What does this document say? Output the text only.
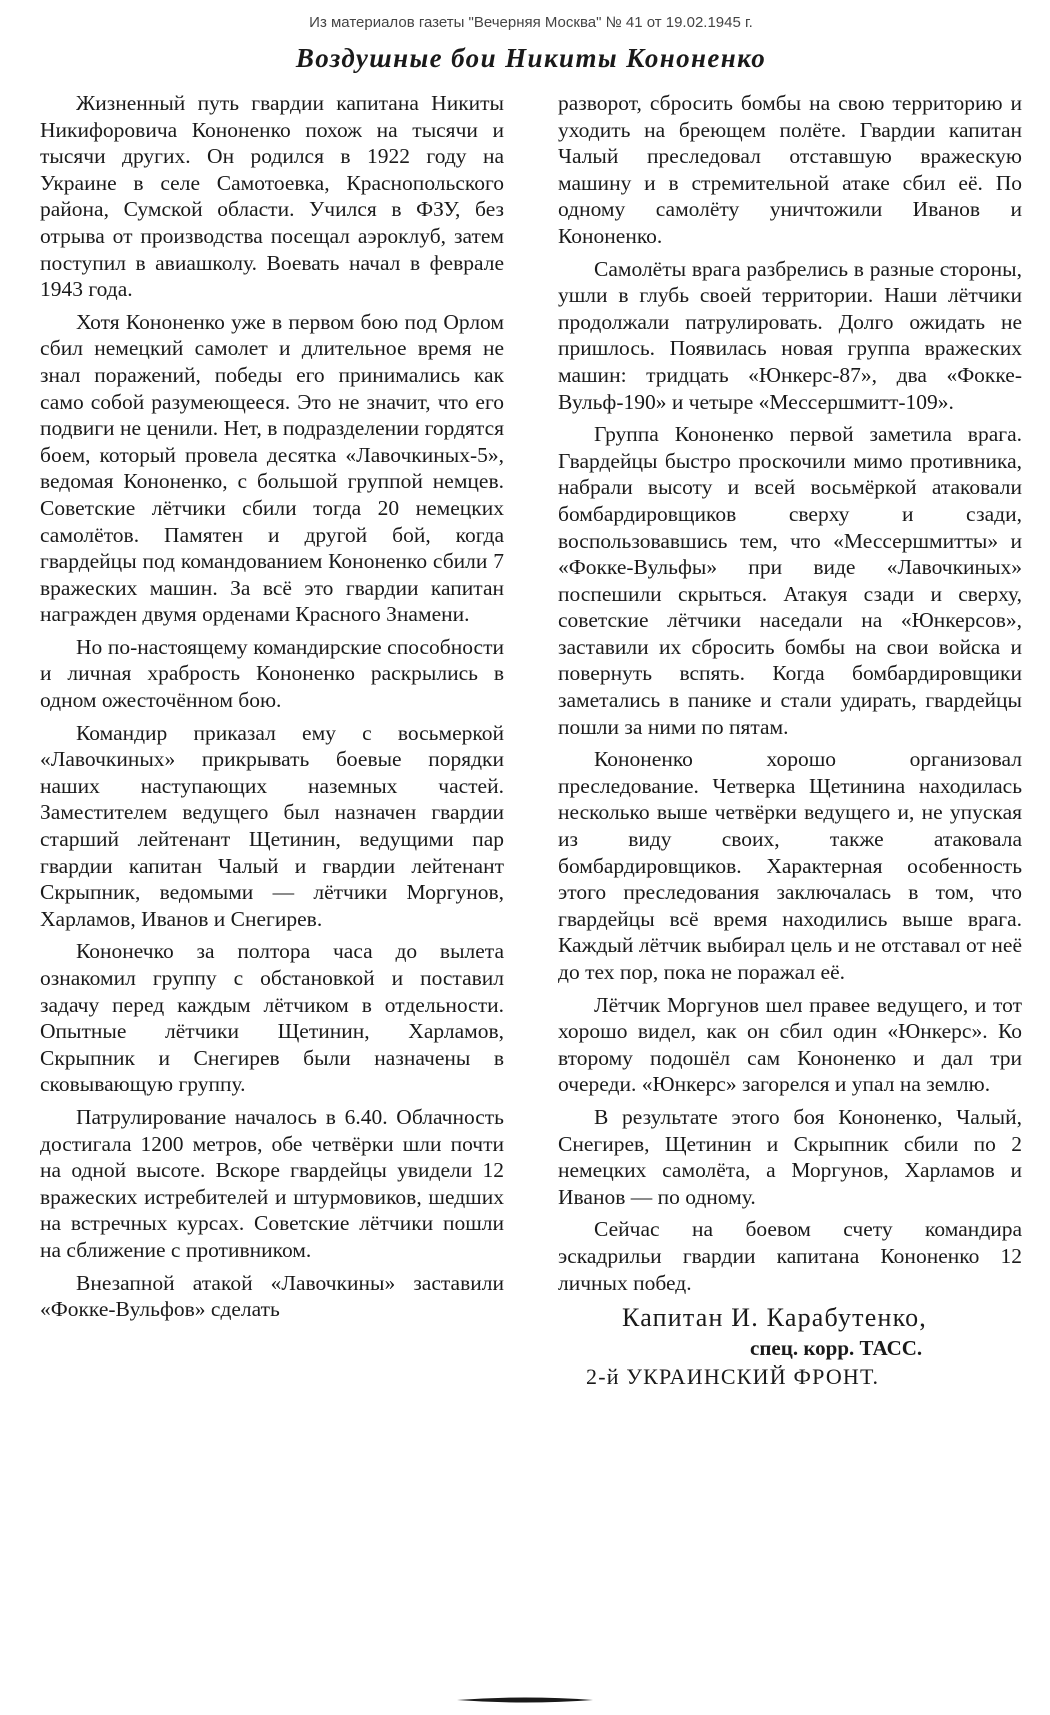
Из материалов газеты "Вечерняя Москва" № 41 от 19.02.1945 г.
Воздушные бои Никиты Кононенко

Жизненный путь гвардии капитана Никиты Никифоровича Кононенко похож на тысячи и тысячи других. Он родился в 1922 году на Украине в селе Самотоевка, Краснопольского района, Сумской области. Учился в ФЗУ, без отрыва от производства посещал аэроклуб, затем поступил в авиашколу. Воевать начал в феврале 1943 года.

Хотя Кононенко уже в первом бою под Орлом сбил немецкий самолет и длительное время не знал поражений, победы его принимались как само собой разумеющееся. Это не значит, что его подвиги не ценили. Нет, в подразделении гордятся боем, который провела десятка «Лавочкиных-5», ведомая Кононенко, с большой группой немцев. Советские лётчики сбили тогда 20 немецких самолётов. Памятен и другой бой, когда гвардейцы под командованием Кононенко сбили 7 вражеских машин. За всё это гвардии капитан награжден двумя орденами Красного Знамени.

Но по-настоящему командирские способности и личная храбрость Кононенко раскрылись в одном ожесточённом бою.

Командир приказал ему с восьмеркой «Лавочкиных» прикрывать боевые порядки наших наступающих наземных частей. Заместителем ведущего был назначен гвардии старший лейтенант Щетинин, ведущими пар гвардии капитан Чалый и гвардии лейтенант Скрыпник, ведомыми — лётчики Моргунов, Харламов, Иванов и Снегирев.

Кононечко за полтора часа до вылета ознакомил группу с обстановкой и поставил задачу перед каждым лётчиком в отдельности. Опытные лётчики Щетинин, Харламов, Скрыпник и Снегирев были назначены в сковывающую группу.

Патрулирование началось в 6.40. Облачность достигала 1200 метров, обе четвёрки шли почти на одной высоте. Вскоре гвардейцы увидели 12 вражеских истребителей и штурмовиков, шедших на встречных курсах. Советские лётчики пошли на сближение с противником.

Внезапной атакой «Лавочкины» заставили «Фокке-Вульфов» сделать

разворот, сбросить бомбы на свою территорию и уходить на бреющем полёте. Гвардии капитан Чалый преследовал отставшую вражескую машину и в стремительной атаке сбил её. По одному самолёту уничтожили Иванов и Кононенко.

Самолёты врага разбрелись в разные стороны, ушли в глубь своей территории. Наши лётчики продолжали патрулировать. Долго ожидать не пришлось. Появилась новая группа вражеских машин: тридцать «Юнкерс-87», два «Фокке-Вульф-190» и четыре «Мессершмитт-109».

Группа Кононенко первой заметила врага. Гвардейцы быстро проскочили мимо противника, набрали высоту и всей восьмёркой атаковали бомбардировщиков сверху и сзади, воспользовавшись тем, что «Мессершмитты» и «Фокке-Вульфы» при виде «Лавочкиных» поспешили скрыться. Атакуя сзади и сверху, советские лётчики наседали на «Юнкерсов», заставили их сбросить бомбы на свои войска и повернуть вспять. Когда бомбардировщики заметались в панике и стали удирать, гвардейцы пошли за ними по пятам.

Кононенко хорошо организовал преследование. Четверка Щетинина находилась несколько выше четвёрки ведущего и, не упуская из виду своих, также атаковала бомбардировщиков. Характерная особенность этого преследования заключалась в том, что гвардейцы всё время находились выше врага. Каждый лётчик выбирал цель и не отставал от неё до тех пор, пока не поражал её.

Лётчик Моргунов шел правее ведущего, и тот хорошо видел, как он сбил один «Юнкерс». Ко второму подошёл сам Кононенко и дал три очереди. «Юнкерс» загорелся и упал на землю.

В результате этого боя Кононенко, Чалый, Снегирев, Щетинин и Скрыпник сбили по 2 немецких самолёта, а Моргунов, Харламов и Иванов — по одному.

Сейчас на боевом счету командира эскадрильи гвардии капитана Кононенко 12 личных побед.

Капитан И. Карабутенко,
спец. корр. ТАСС.
2-й УКРАИНСКИЙ ФРОНТ.
